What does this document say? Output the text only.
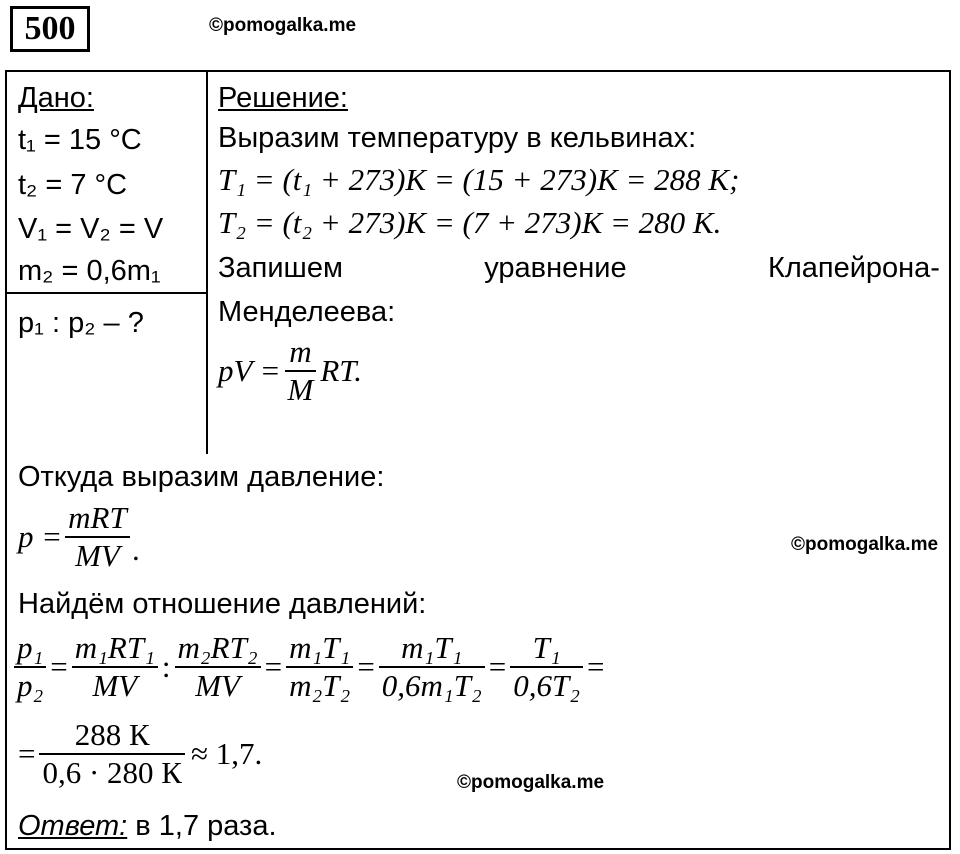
500	©pomogalka.me
Дано:
t₁ = 15 °C
t₂ = 7 °C
V₁ = V₂ = V
m₂ = 0,6m₁
p₁ : p₂ – ?
Решение:
Выразим температуру в кельвинах:
T₁ = (t₁ + 273)K = (15 + 273)K = 288 K;
T₂ = (t₂ + 273)K = (7 + 273)K = 280 K.
Запишем	уравнение	Клапейрона-
Менделеева:
pV = $\frac{m}{M}$ RT.
Откуда выразим давление:
$p = \frac{\text{mRT}}{MV}$ .	©pomogalka.me
Найдём отношение давлений:
$\frac{\text{p₁}}{\text{p₂}} = \frac{\text{m₁RT₁}}{MV}$ : $\frac{\text{m₂RT₂}}{MV} = \frac{\text{m₁T₁}}{\text{m₂T₂}} = \frac{\text{m₁T₁}}{\text{0,6m₁T₂}} = \frac{\text{T₁}}{\text{0,6T₂}}$ =
= $\frac{288 К}{0,6 \cdot 280 К} \approx 1,7$.
©pomogalka.me
Ответ: в 1,7 раза.
